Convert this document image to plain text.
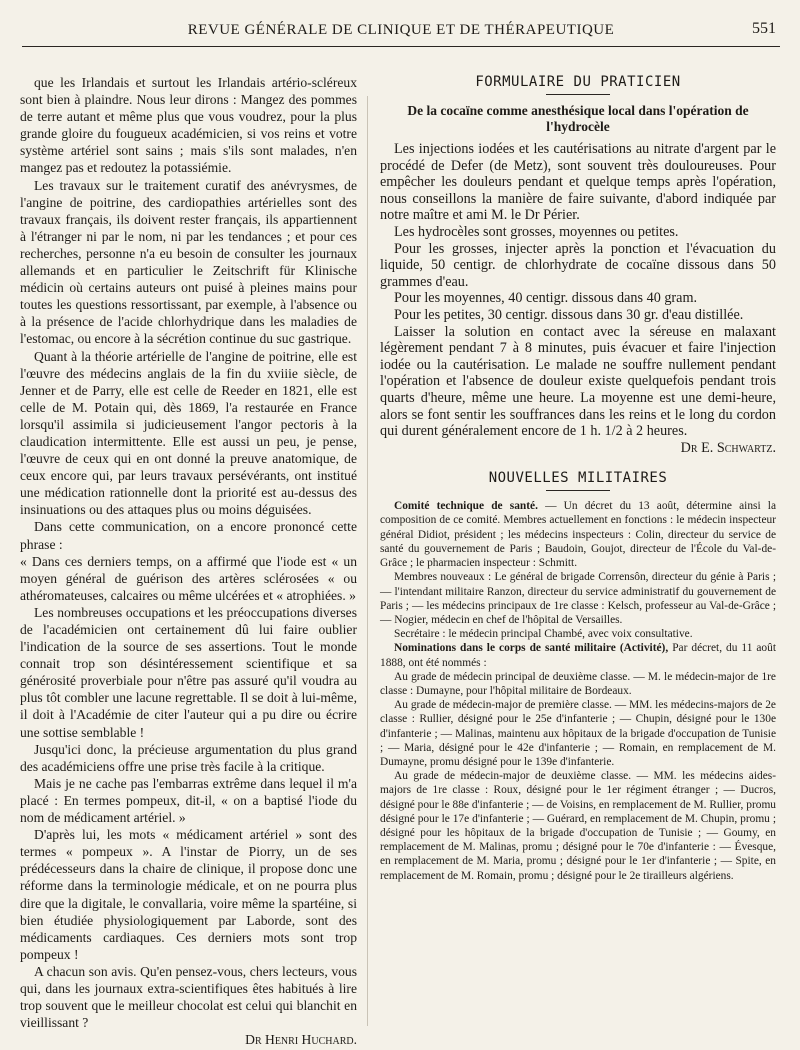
REVUE GÉNÉRALE DE CLINIQUE ET DE THÉRAPEUTIQUE	551

que les Irlandais et surtout les Irlandais artério-scléreux sont bien à plaindre. Nous leur dirons : Mangez des pommes de terre autant et même plus que vous voudrez, pour la plus grande gloire du fougueux académicien, si vos reins et votre système artériel sont sains ; mais s'ils sont malades, n'en mangez pas et redoutez la potassiémie.

Les travaux sur le traitement curatif des anévrysmes, de l'angine de poitrine, des cardiopathies artérielles sont des travaux français, ils doivent rester français, ils appartiennent à l'étranger ni par le nom, ni par les tendances ; et pour ces recherches, personne n'a eu besoin de consulter les journaux allemands et en particulier le Zeitschrift für Klinische médicin où certains auteurs ont puisé à pleines mains pour toutes les questions ressortissant, par exemple, à l'absence ou à la présence de l'acide chlorhydrique dans les maladies de l'estomac, ou encore à la sécrétion continue du suc gastrique.

Quant à la théorie artérielle de l'angine de poitrine, elle est l'œuvre des médecins anglais de la fin du xviiie siècle, de Jenner et de Parry, elle est celle de Reeder en 1821, elle est celle de M. Potain qui, dès 1869, l'a restaurée en France lorsqu'il assimila si judicieusement l'angor pectoris à la claudication intermittente. Elle est aussi un peu, je pense, l'œuvre de ceux qui en ont donné la preuve anatomique, de ceux encore qui, par leurs travaux persévérants, ont institué une médication rationnelle dont la priorité est au-dessus des insinuations ou des attaques plus ou moins déguisées.

Dans cette communication, on a encore prononcé cette phrase :

« Dans ces derniers temps, on a affirmé que l'iode est « un moyen général de guérison des artères sclérosées « ou athéromateuses, calcaires ou même ulcérées et « atrophiées. »

Les nombreuses occupations et les préoccupations diverses de l'académicien ont certainement dû lui faire oublier l'indication de la source de ses assertions. Tout le monde connait trop son désintéressement scientifique et sa générosité proverbiale pour n'être pas assuré qu'il voudra au plus tôt combler une lacune regrettable. Il se doit à lui-même, il doit à l'Académie de citer l'auteur qui a pu dire ou écrire une sottise semblable !

Jusqu'ici donc, la précieuse argumentation du plus grand des académiciens offre une prise très facile à la critique.

Mais je ne cache pas l'embarras extrême dans lequel il m'a placé : En termes pompeux, dit-il, « on a baptisé l'iode du nom de médicament artériel. »

D'après lui, les mots « médicament artériel » sont des termes « pompeux ». A l'instar de Piorry, un de ses prédécesseurs dans la chaire de clinique, il propose donc une réforme dans la terminologie médicale, et on ne pourra plus dire que la digitale, le convallaria, voire même la spartéine, si bien étudiée physiologiquement par Laborde, sont des médicaments cardiaques. Ces derniers mots sont trop pompeux !

A chacun son avis. Qu'en pensez-vous, chers lecteurs, vous qui, dans les journaux extra-scientifiques êtes habitués à lire trop souvent que le meilleur chocolat est celui qui blanchit en vieillissant ?

Dr Henri Huchard.

FORMULAIRE DU PRATICIEN
De la cocaïne comme anesthésique local dans l'opération de l'hydrocèle

Les injections iodées et les cautérisations au nitrate d'argent par le procédé de Defer (de Metz), sont souvent très douloureuses. Pour empêcher les douleurs pendant et quelque temps après l'opération, nous conseillons la manière de faire suivante, d'abord indiquée par notre maître et ami M. le Dr Périer.

Les hydrocèles sont grosses, moyennes ou petites.

Pour les grosses, injecter après la ponction et l'évacuation du liquide, 50 centigr. de chlorhydrate de cocaïne dissous dans 50 grammes d'eau.

Pour les moyennes, 40 centigr. dissous dans 40 gram.

Pour les petites, 30 centigr. dissous dans 30 gr. d'eau distillée.

Laisser la solution en contact avec la séreuse en malaxant légèrement pendant 7 à 8 minutes, puis évacuer et faire l'injection iodée ou la cautérisation. Le malade ne souffre nullement pendant l'opération et l'absence de douleur existe quelquefois pendant trois quarts d'heure, même une heure. La moyenne est une demi-heure, alors se font sentir les souffrances dans les reins et le long du cordon qui durent généralement encore de 1 h. 1/2 à 2 heures.

Dr E. Schwartz.

NOUVELLES MILITAIRES

Comité technique de santé. — Un décret du 13 août, détermine ainsi la composition de ce comité. Membres actuellement en fonctions : le médecin inspecteur général Didiot, président ; les médecins inspecteurs : Colin, directeur du service de santé du gouvernement de Paris ; Baudoin, Goujot, directeur de l'École du Val-de-Grâce ; le pharmacien inspecteur : Schmitt.

Membres nouveaux : Le général de brigade Corrensôn, directeur du génie à Paris ; — l'intendant militaire Ranzon, directeur du service administratif du gouvernement de Paris ; — les médecins principaux de 1re classe : Kelsch, professeur au Val-de-Grâce ; — Nogier, médecin en chef de l'hôpital de Versailles.

Secrétaire : le médecin principal Chambé, avec voix consultative.

Nominations dans le corps de santé militaire (Activité), Par décret, du 11 août 1888, ont été nommés :

Au grade de médecin principal de deuxième classe. — M. le médecin-major de 1re classe : Dumayne, pour l'hôpital militaire de Bordeaux.

Au grade de médecin-major de première classe. — MM. les médecins-majors de 2e classe : Rullier, désigné pour le 25e d'infanterie ; — Chupin, désigné pour le 130e d'infanterie ; — Malinas, maintenu aux hôpitaux de la brigade d'occupation de Tunisie ; — Maria, désigné pour le 42e d'infanterie ; — Romain, en remplacement de M. Dumayne, promu désigné pour le 139e d'infanterie.

Au grade de médecin-major de deuxième classe. — MM. les médecins aides-majors de 1re classe : Roux, désigné pour le 1er régiment étranger ; — Ducros, désigné pour le 88e d'infanterie ; — de Voisins, en remplacement de M. Rullier, promu désigné pour le 17e d'infanterie ; — Guérard, en remplacement de M. Chupin, promu ; désigné pour les hôpitaux de la brigade d'occupation de Tunisie ; — Goumy, en remplacement de M. Malinas, promu ; désigné pour le 70e d'infanterie : — Évesque, en remplacement de M. Maria, promu ; désigné pour le 1er d'infanterie ; — Spite, en remplacement de M. Romain, promu ; désigné pour le 2e tirailleurs algériens.
